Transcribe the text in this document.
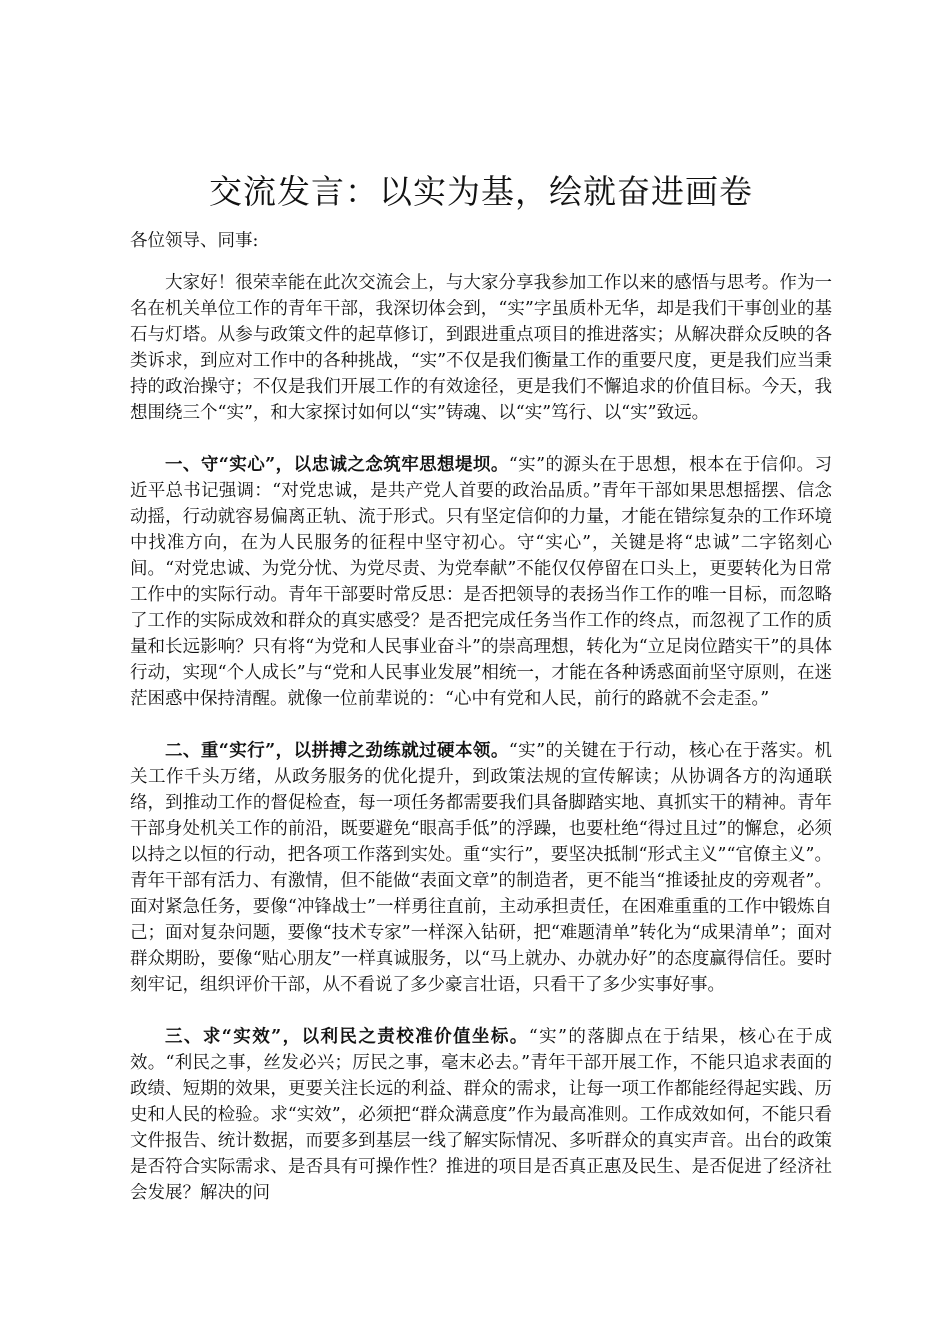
交流发言：以实为基，绘就奋进画卷

各位领导、同事:

大家好！很荣幸能在此次交流会上，与大家分享我参加工作以来的感悟与思考。作为一名在机关单位工作的青年干部，我深切体会到，“实”字虽质朴无华，却是我们干事创业的基石与灯塔。从参与政策文件的起草修订，到跟进重点项目的推进落实；从解决群众反映的各类诉求，到应对工作中的各种挑战，“实”不仅是我们衡量工作的重要尺度，更是我们应当秉持的政治操守；不仅是我们开展工作的有效途径，更是我们不懈追求的价值目标。今天，我想围绕三个“实”，和大家探讨如何以“实”铸魂、以“实”笃行、以“实”致远。

一、守“实心”，以忠诚之念筑牢思想堤坝。“实”的源头在于思想，根本在于信仰。习近平总书记强调：“对党忠诚，是共产党人首要的政治品质。”青年干部如果思想摇摆、信念动摇，行动就容易偏离正轨、流于形式。只有坚定信仰的力量，才能在错综复杂的工作环境中找准方向，在为人民服务的征程中坚守初心。守“实心”，关键是将“忠诚”二字铭刻心间。“对党忠诚、为党分忧、为党尽责、为党奉献”不能仅仅停留在口头上，更要转化为日常工作中的实际行动。青年干部要时常反思：是否把领导的表扬当作工作的唯一目标，而忽略了工作的实际成效和群众的真实感受？是否把完成任务当作工作的终点，而忽视了工作的质量和长远影响？只有将“为党和人民事业奋斗”的崇高理想，转化为“立足岗位踏实干”的具体行动，实现“个人成长”与“党和人民事业发展”相统一，才能在各种诱惑面前坚守原则，在迷茫困惑中保持清醒。就像一位前辈说的：“心中有党和人民，前行的路就不会走歪。”

二、重“实行”，以拼搏之劲练就过硬本领。“实”的关键在于行动，核心在于落实。机关工作千头万绪，从政务服务的优化提升，到政策法规的宣传解读；从协调各方的沟通联络，到推动工作的督促检查，每一项任务都需要我们具备脚踏实地、真抓实干的精神。青年干部身处机关工作的前沿，既要避免“眼高手低”的浮躁，也要杜绝“得过且过”的懈怠，必须以持之以恒的行动，把各项工作落到实处。重“实行”，要坚决抵制“形式主义”“官僚主义”。青年干部有活力、有激情，但不能做“表面文章”的制造者，更不能当“推诿扯皮的旁观者”。面对紧急任务，要像“冲锋战士”一样勇往直前，主动承担责任，在困难重重的工作中锻炼自己；面对复杂问题，要像“技术专家”一样深入钻研，把“难题清单”转化为“成果清单”；面对群众期盼，要像“贴心朋友”一样真诚服务，以“马上就办、办就办好”的态度赢得信任。要时刻牢记，组织评价干部，从不看说了多少豪言壮语，只看干了多少实事好事。

三、求“实效”，以利民之责校准价值坐标。“实”的落脚点在于结果，核心在于成效。“利民之事，丝发必兴；厉民之事，毫末必去。”青年干部开展工作，不能只追求表面的政绩、短期的效果，更要关注长远的利益、群众的需求，让每一项工作都能经得起实践、历史和人民的检验。求“实效”，必须把“群众满意度”作为最高准则。工作成效如何，不能只看文件报告、统计数据，而要多到基层一线了解实际情况、多听群众的真实声音。出台的政策是否符合实际需求、是否具有可操作性？推进的项目是否真正惠及民生、是否促进了经济社会发展？解决的问
